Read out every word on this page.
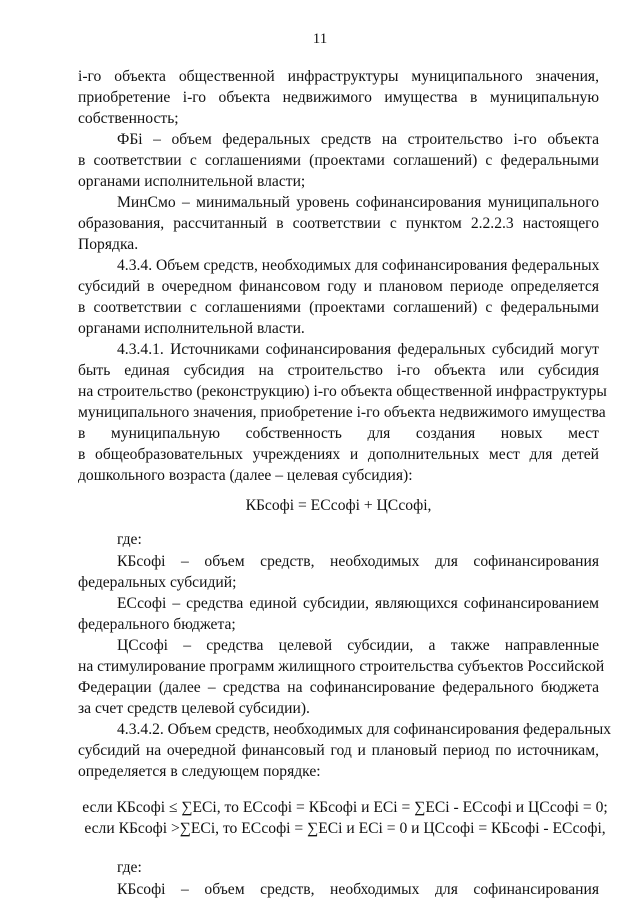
11
i-го объекта общественной инфраструктуры муниципального значения,
приобретение i-го объекта недвижимого имущества в муниципальную
собственность;
ФБi – объем федеральных средств на строительство i-го объекта
в соответствии с соглашениями (проектами соглашений) с федеральными
органами исполнительной власти;
МинСмо – минимальный уровень софинансирования муниципального
образования, рассчитанный в соответствии с пунктом 2.2.2.3 настоящего
Порядка.
4.3.4. Объем средств, необходимых для софинансирования федеральных
субсидий в очередном финансовом году и плановом периоде определяется
в соответствии с соглашениями (проектами соглашений) с федеральными
органами исполнительной власти.
4.3.4.1. Источниками софинансирования федеральных субсидий могут
быть единая субсидия на строительство i-го объекта или субсидия
на строительство (реконструкцию) i-го объекта общественной инфраструктуры
муниципального значения, приобретение i-го объекта недвижимого имущества
в муниципальную собственность для создания новых мест
в общеобразовательных учреждениях и дополнительных мест для детей
дошкольного возраста (далее – целевая субсидия):
КБсофi = ЕСсофi + ЦСсофi,
где:
КБсофi – объем средств, необходимых для софинансирования
федеральных субсидий;
ЕСсофi – средства единой субсидии, являющихся софинансированием
федерального бюджета;
ЦСсофi – средства целевой субсидии, а также направленные
на стимулирование программ жилищного строительства субъектов Российской
Федерации (далее – средства на софинансирование федерального бюджета
за счет средств целевой субсидии).
4.3.4.2. Объем средств, необходимых для софинансирования федеральных
субсидий на очередной финансовый год и плановый период по источникам,
определяется в следующем порядке:
если КБсофi ≤ ∑ЕСi, то ЕСсофi = КБсофi и ЕСi = ∑ЕСi - ЕСсофi и ЦСсофi = 0;
если КБсофi >∑ЕСi, то ЕСсофi = ∑ЕСi и ЕСi = 0 и ЦСсофi = КБсофi - ЕСсофi,
где:
КБсофi – объем средств, необходимых для софинансирования
